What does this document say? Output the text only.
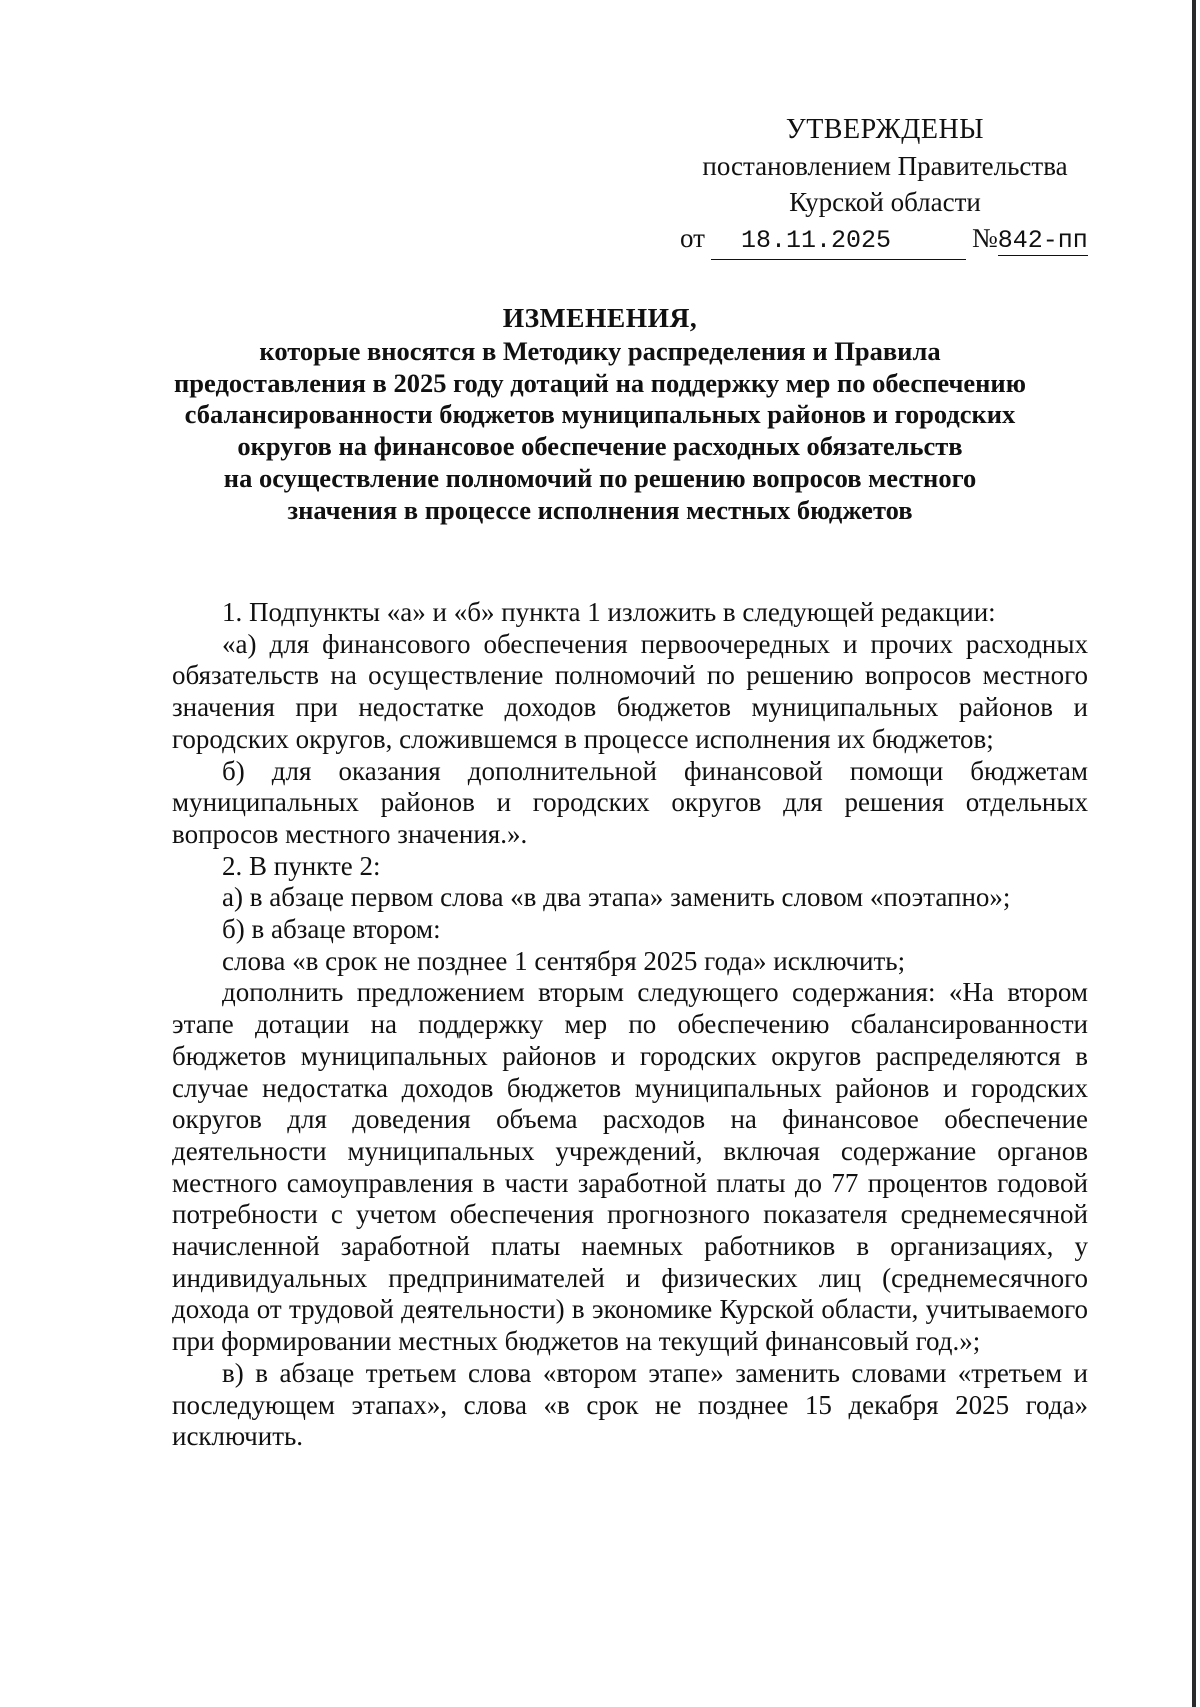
УТВЕРЖДЕНЫ
постановлением Правительства
Курской области
от 18.11.2025	№842-пп
ИЗМЕНЕНИЯ,
которые вносятся в Методику распределения и Правила
предоставления в 2025 году дотаций на поддержку мер по обеспечению
сбалансированности бюджетов муниципальных районов и городских
округов на финансовое обеспечение расходных обязательств
на осуществление полномочий по решению вопросов местного
значения в процессе исполнения местных бюджетов

1. Подпункты «а» и «б» пункта 1 изложить в следующей редакции:

«а) для финансового обеспечения первоочередных и прочих расходных обязательств на осуществление полномочий по решению вопросов местного значения при недостатке доходов бюджетов муниципальных районов и городских округов, сложившемся в процессе исполнения их бюджетов;

б) для оказания дополнительной финансовой помощи бюджетам муниципальных районов и городских округов для решения отдельных вопросов местного значения.».

2. В пункте 2:

а) в абзаце первом слова «в два этапа» заменить словом «поэтапно»;

б) в абзаце втором:

слова «в срок не позднее 1 сентября 2025 года» исключить;

дополнить предложением вторым следующего содержания: «На втором этапе дотации на поддержку мер по обеспечению сбалансированности бюджетов муниципальных районов и городских округов распределяются в случае недостатка доходов бюджетов муниципальных районов и городских округов для доведения объема расходов на финансовое обеспечение деятельности муниципальных учреждений, включая содержание органов местного самоуправления в части заработной платы до 77 процентов годовой потребности с учетом обеспечения прогнозного показателя среднемесячной начисленной заработной платы наемных работников в организациях, у индивидуальных предпринимателей и физических лиц (среднемесячного дохода от трудовой деятельности) в экономике Курской области, учитываемого при формировании местных бюджетов на текущий финансовый год.»;

в) в абзаце третьем слова «втором этапе» заменить словами «третьем и последующем этапах», слова «в срок не позднее 15 декабря 2025 года» исключить.
